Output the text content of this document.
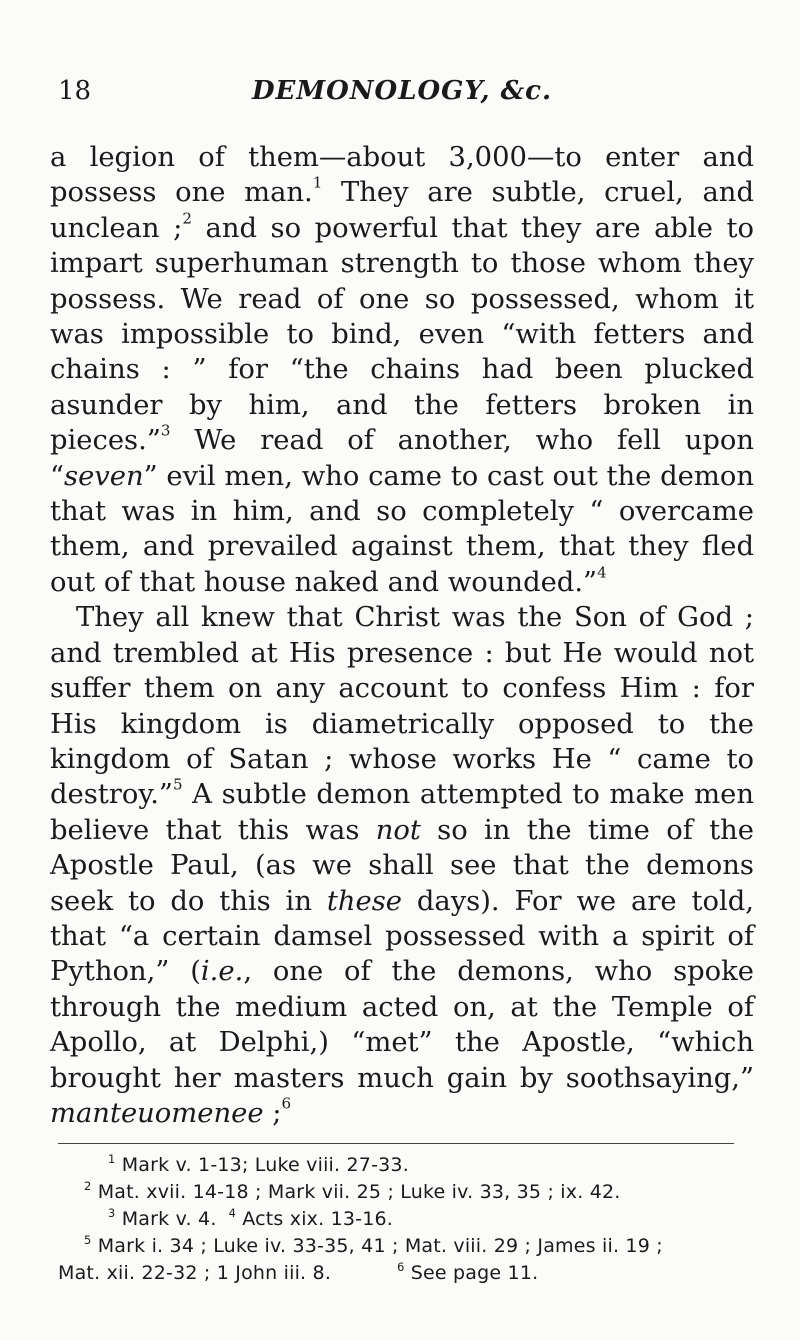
18	DEMONOLOGY, &c.

a legion of them—about 3,000—to enter and possess one man.$^1$ They are subtle, cruel, and unclean ;$^2$ and so powerful that they are able to impart superhuman strength to those whom they possess. We read of one so possessed, whom it was impossible to bind, even “with fetters and chains : ” for “the chains had been plucked asunder by him, and the fetters broken in pieces.”$^3$ We read of another, who fell upon “seven” evil men, who came to cast out the demon that was in him, and so completely “ overcame them, and prevailed against them, that they fled out of that house naked and wounded.”$^4$

They all knew that Christ was the Son of God ; and trembled at His presence : but He would not suffer them on any account to confess Him : for His kingdom is diametrically opposed to the kingdom of Satan ; whose works He “ came to destroy.”$^5$ A subtle demon attempted to make men believe that this was not so in the time of the Apostle Paul, (as we shall see that the demons seek to do this in these days). For we are told, that “a certain damsel possessed with a spirit of Python,” (i.e., one of the demons, who spoke through the medium acted on, at the Temple of Apollo, at Delphi,) “met” the Apostle, “which brought her masters much gain by soothsaying,” manteuomenee ;$^6$

$^1$ Mark v. 1-13; Luke viii. 27-33.
$^2$ Mat. xvii. 14-18 ; Mark vii. 25 ; Luke iv. 33, 35 ; ix. 42.
$^3$ Mark v. 4. $^4$ Acts xix. 13-16.
$^5$ Mark i. 34 ; Luke iv. 33-35, 41 ; Mat. viii. 29 ; James ii. 19 ;
Mat. xii. 22-32 ; 1 John iii. 8.	$^6$ See page 11.
